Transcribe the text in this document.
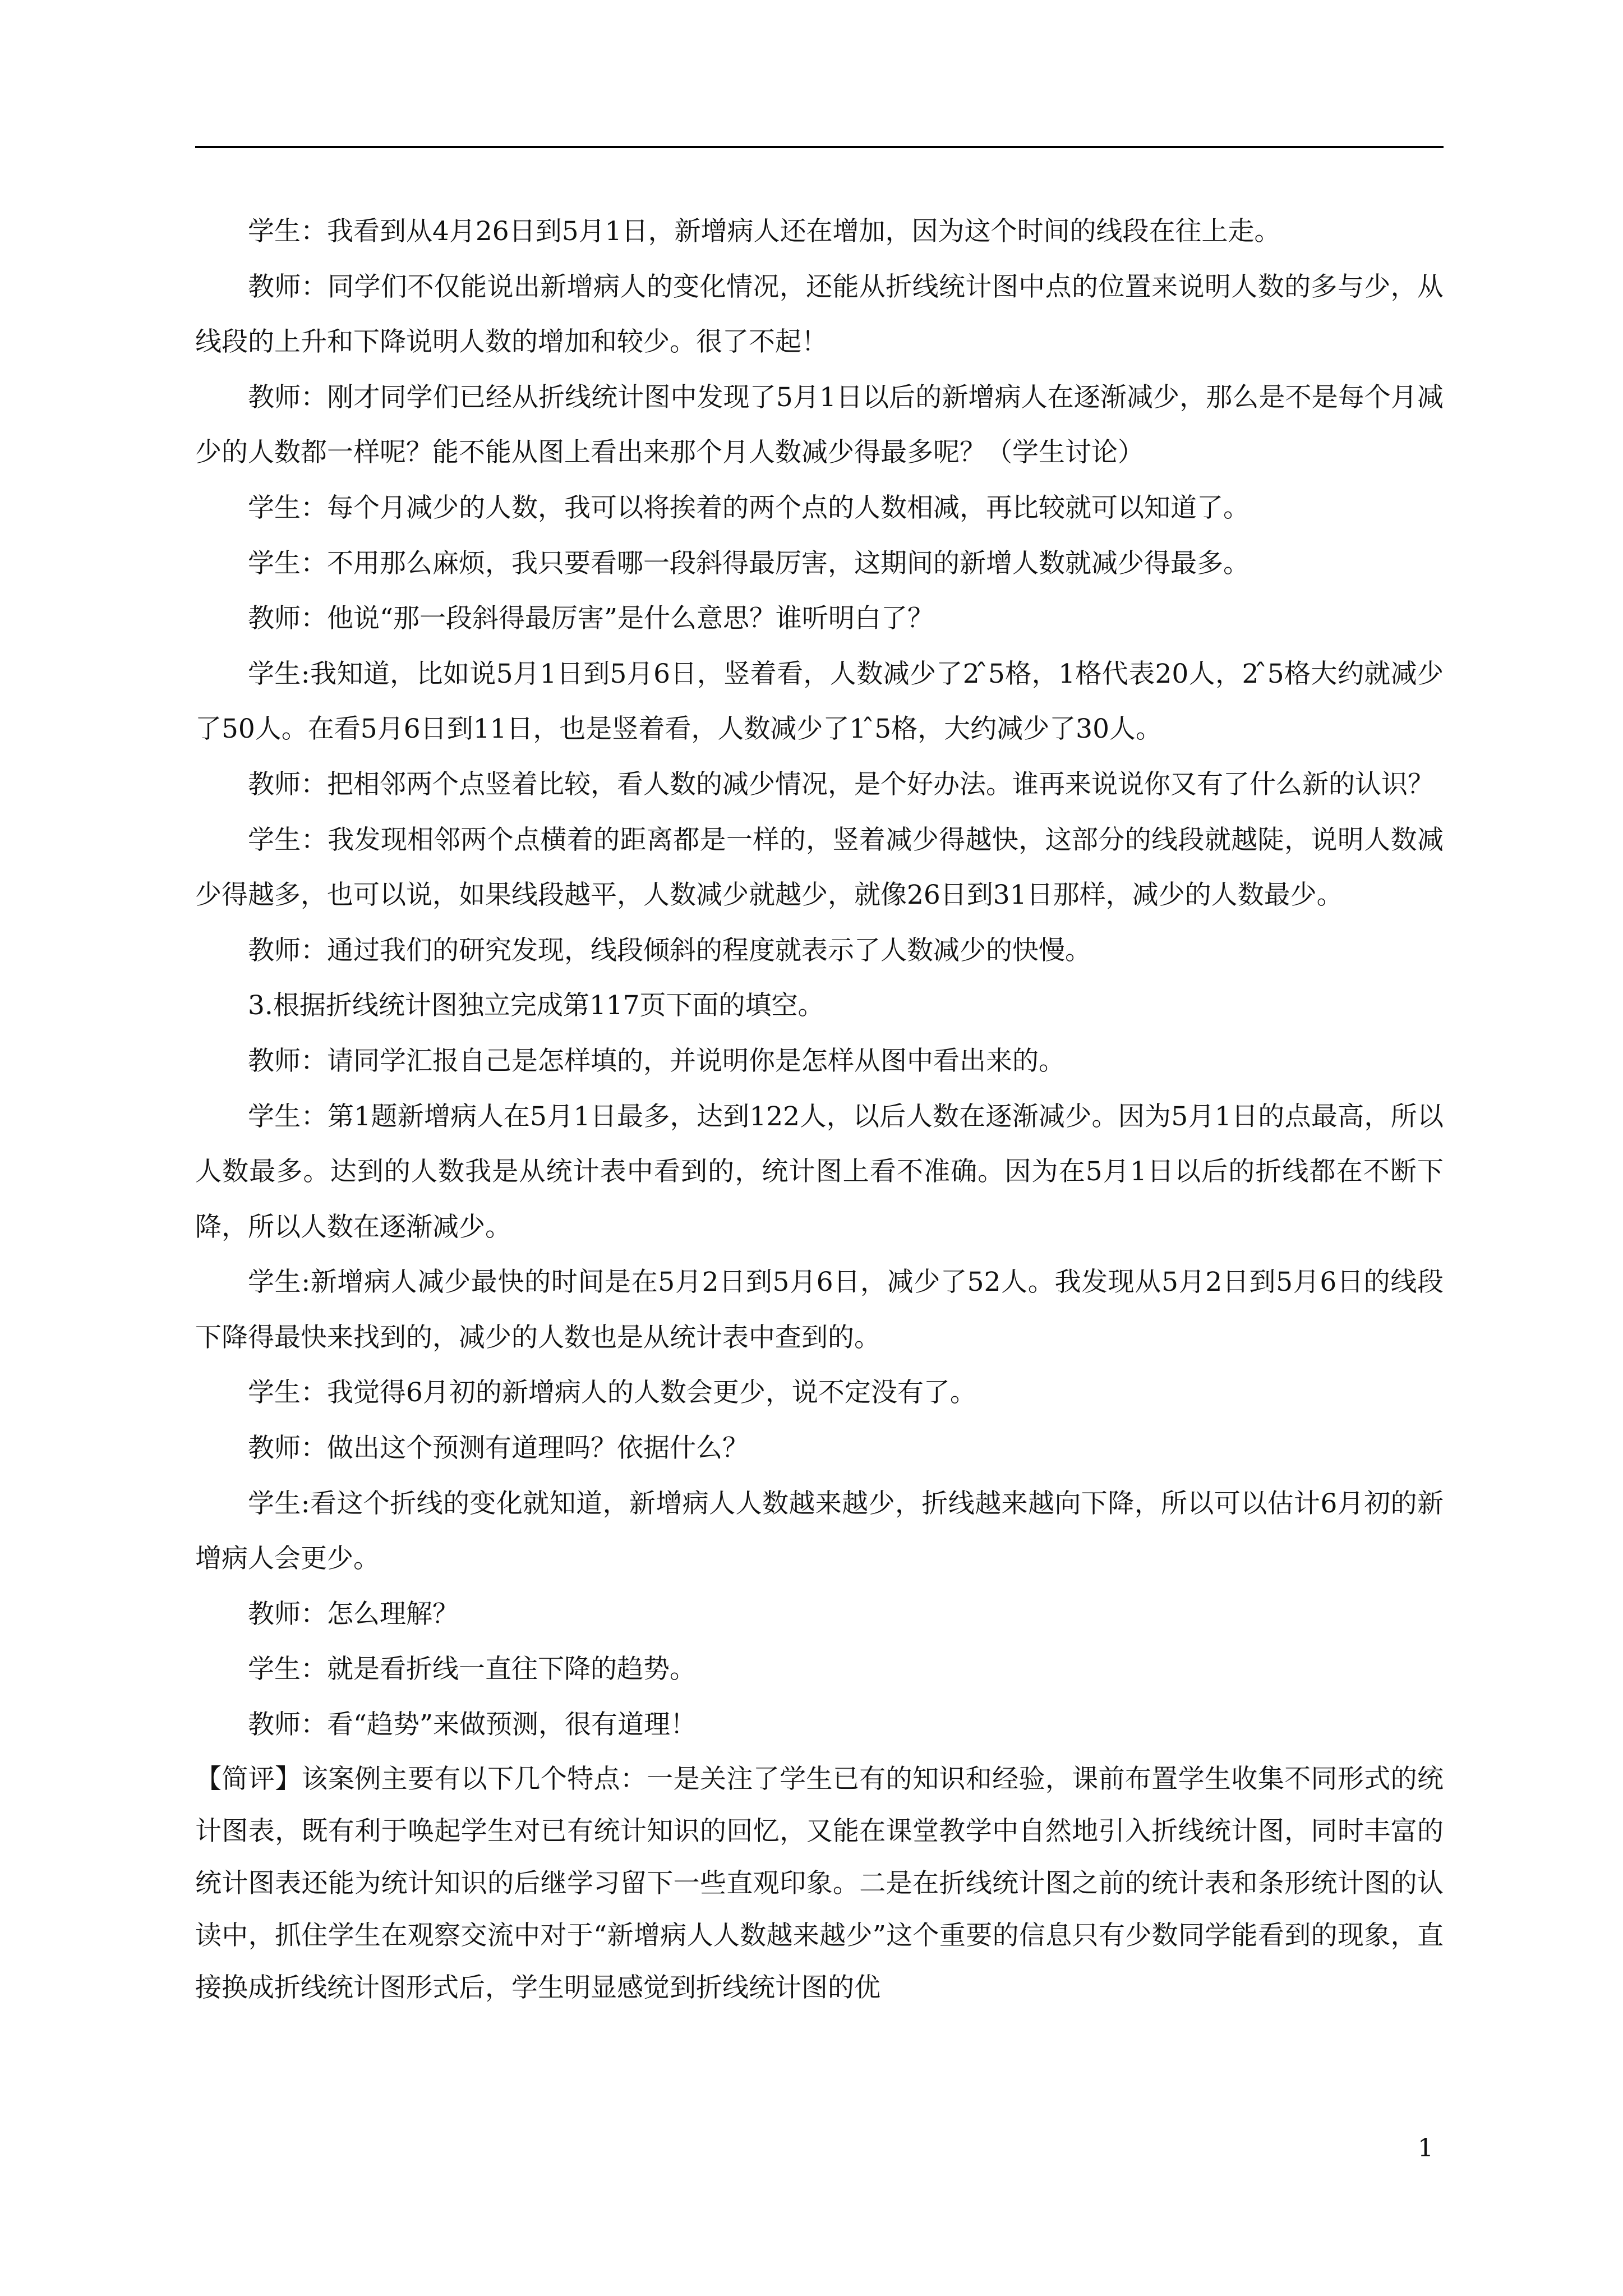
学生：我看到从4月26日到5月1日，新增病人还在增加，因为这个时间的线段在往上走。

教师：同学们不仅能说出新增病人的变化情况，还能从折线统计图中点的位置来说明人数的多与少，从线段的上升和下降说明人数的增加和较少。很了不起！

教师：刚才同学们已经从折线统计图中发现了5月1日以后的新增病人在逐渐减少，那么是不是每个月减少的人数都一样呢？能不能从图上看出来那个月人数减少得最多呢？（学生讨论）

学生：每个月减少的人数，我可以将挨着的两个点的人数相减，再比较就可以知道了。

学生：不用那么麻烦，我只要看哪一段斜得最厉害，这期间的新增人数就减少得最多。

教师：他说“那一段斜得最厉害”是什么意思？谁听明白了？

学生:我知道，比如说5月1日到5月6日，竖着看，人数减少了2 ̂5格，1格代表20人，2 ̂5格大约就减少了50人。在看5月6日到11日，也是竖着看，人数减少了1 ̂5格，大约减少了30人。

教师：把相邻两个点竖着比较，看人数的减少情况，是个好办法。谁再来说说你又有了什么新的认识？

学生：我发现相邻两个点横着的距离都是一样的，竖着减少得越快，这部分的线段就越陡，说明人数减少得越多，也可以说，如果线段越平，人数减少就越少，就像26日到31日那样，减少的人数最少。

教师：通过我们的研究发现，线段倾斜的程度就表示了人数减少的快慢。

3.根据折线统计图独立完成第117页下面的填空。

教师：请同学汇报自己是怎样填的，并说明你是怎样从图中看出来的。

学生：第1题新增病人在5月1日最多，达到122人，以后人数在逐渐减少。因为5月1日的点最高，所以人数最多。达到的人数我是从统计表中看到的，统计图上看不准确。因为在5月1日以后的折线都在不断下降，所以人数在逐渐减少。

学生:新增病人减少最快的时间是在5月2日到5月6日，减少了52人。我发现从5月2日到5月6日的线段下降得最快来找到的，减少的人数也是从统计表中查到的。

学生：我觉得6月初的新增病人的人数会更少，说不定没有了。

教师：做出这个预测有道理吗？依据什么？

学生:看这个折线的变化就知道，新增病人人数越来越少，折线越来越向下降，所以可以估计6月初的新增病人会更少。

教师：怎么理解？

学生：就是看折线一直往下降的趋势。

教师：看“趋势”来做预测，很有道理！

【简评】该案例主要有以下几个特点：一是关注了学生已有的知识和经验，课前布置学生收集不同形式的统计图表，既有利于唤起学生对已有统计知识的回忆，又能在课堂教学中自然地引入折线统计图，同时丰富的统计图表还能为统计知识的后继学习留下一些直观印象。二是在折线统计图之前的统计表和条形统计图的认读中，抓住学生在观察交流中对于“新增病人人数越来越少”这个重要的信息只有少数同学能看到的现象，直接换成折线统计图形式后，学生明显感觉到折线统计图的优

1
